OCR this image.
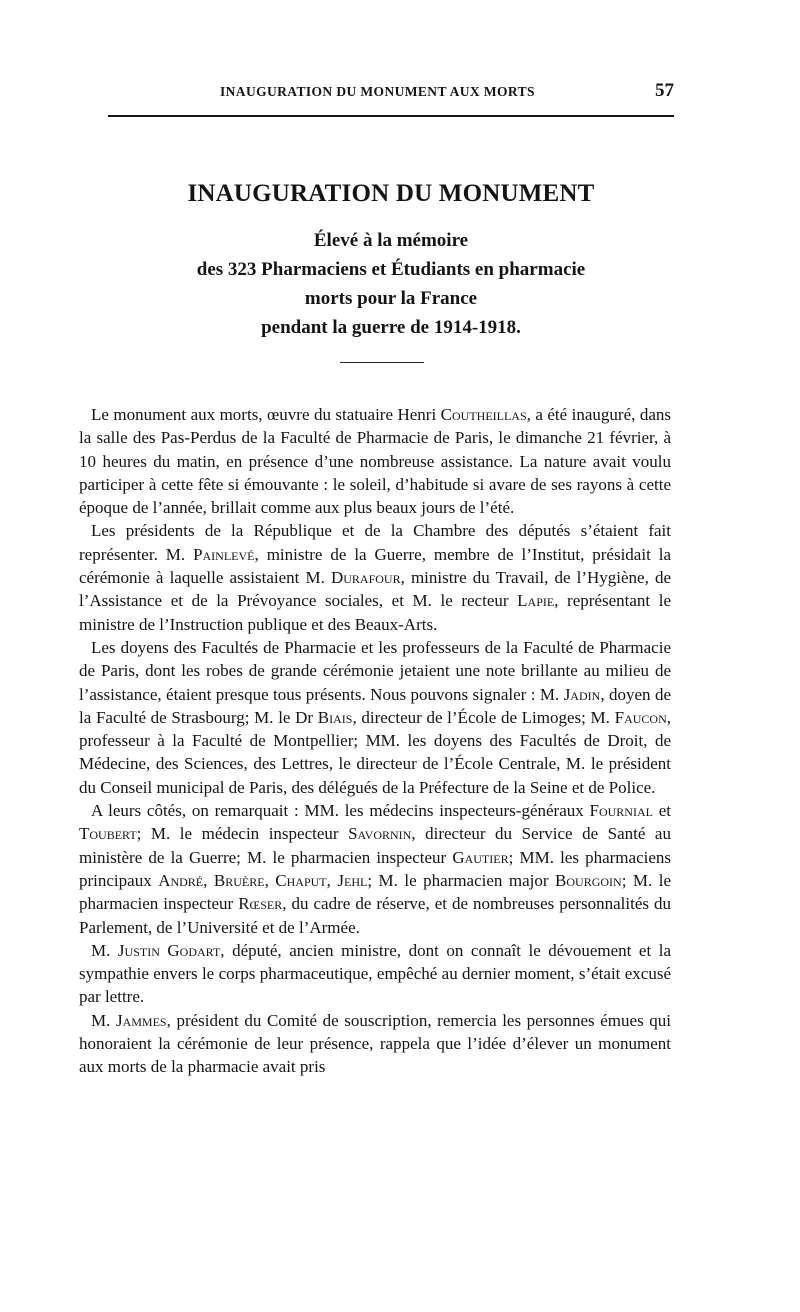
INAUGURATION DU MONUMENT AUX MORTS	57
INAUGURATION DU MONUMENT

Élevé à la mémoire
des 323 Pharmaciens et Étudiants en pharmacie
morts pour la France
pendant la guerre de 1914-1918.

Le monument aux morts, œuvre du statuaire Henri Coutheillas, a été inauguré, dans la salle des Pas-Perdus de la Faculté de Pharmacie de Paris, le dimanche 21 février, à 10 heures du matin, en présence d’une nombreuse assistance. La nature avait voulu participer à cette fête si émouvante : le soleil, d’habitude si avare de ses rayons à cette époque de l’année, brillait comme aux plus beaux jours de l’été.

Les présidents de la République et de la Chambre des députés s’étaient fait représenter. M. Painlevé, ministre de la Guerre, membre de l’Institut, présidait la cérémonie à laquelle assistaient M. Durafour, ministre du Travail, de l’Hygiène, de l’Assistance et de la Prévoyance sociales, et M. le recteur Lapie, représentant le ministre de l’Instruction publique et des Beaux-Arts.

Les doyens des Facultés de Pharmacie et les professeurs de la Faculté de Pharmacie de Paris, dont les robes de grande cérémonie jetaient une note brillante au milieu de l’assistance, étaient presque tous présents. Nous pouvons signaler : M. Jadin, doyen de la Faculté de Strasbourg; M. le Dr Biais, directeur de l’École de Limoges; M. Faucon, professeur à la Faculté de Montpellier; MM. les doyens des Facultés de Droit, de Médecine, des Sciences, des Lettres, le directeur de l’École Centrale, M. le président du Conseil municipal de Paris, des délégués de la Préfecture de la Seine et de Police.

A leurs côtés, on remarquait : MM. les médecins inspecteurs-généraux Fournial et Toubert; M. le médecin inspecteur Savornin, directeur du Service de Santé au ministère de la Guerre; M. le pharmacien inspecteur Gautier; MM. les pharmaciens principaux André, Bruère, Chaput, Jehl; M. le pharmacien major Bourgoin; M. le pharmacien inspecteur Rœser, du cadre de réserve, et de nombreuses personnalités du Parlement, de l’Université et de l’Armée.

M. Justin Godart, député, ancien ministre, dont on connaît le dévouement et la sympathie envers le corps pharmaceutique, empêché au dernier moment, s’était excusé par lettre.

M. Jammes, président du Comité de souscription, remercia les personnes émues qui honoraient la cérémonie de leur présence, rappela que l’idée d’élever un monument aux morts de la pharmacie avait pris
